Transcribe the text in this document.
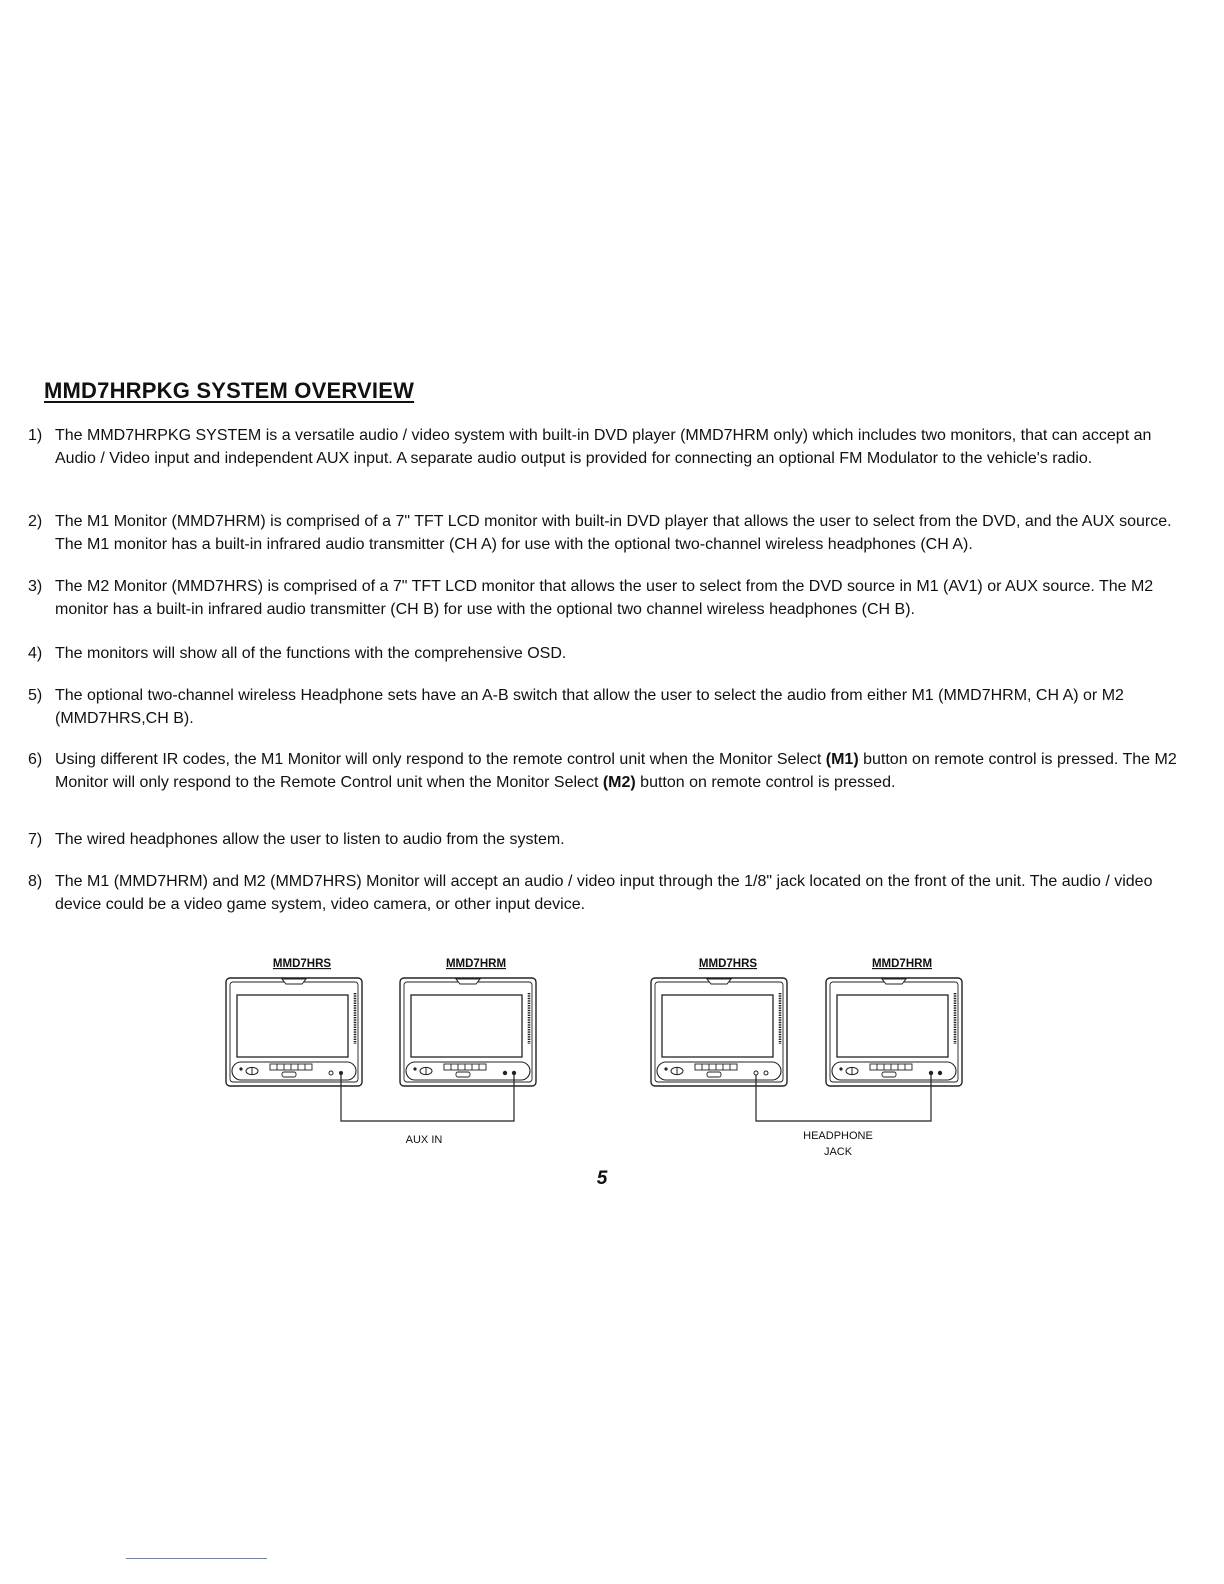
MMD7HRPKG SYSTEM OVERVIEW
1) The MMD7HRPKG SYSTEM is a versatile audio / video system with built-in DVD player (MMD7HRM only) which includes two monitors, that can accept an Audio / Video input and independent AUX input. A separate audio output is provided for connecting an optional FM Modulator to the vehicle's radio.
2) The M1 Monitor (MMD7HRM) is comprised of a 7" TFT LCD monitor with built-in DVD player that allows the user to select from the DVD, and the AUX source. The M1 monitor has a built-in infrared audio transmitter (CH A) for use with the optional two-channel wireless headphones (CH A).
3) The M2 Monitor (MMD7HRS) is comprised of a 7" TFT LCD monitor that allows the user to select from the DVD source in M1 (AV1) or AUX source. The M2 monitor has a built-in infrared audio transmitter (CH B) for use with the optional two channel wireless headphones (CH B).
4) The monitors will show all of the functions with the comprehensive OSD.
5) The optional two-channel wireless Headphone sets have an A-B switch that allow the user to select the audio from either M1 (MMD7HRM, CH A) or M2 (MMD7HRS,CH B).
6) Using different IR codes, the M1 Monitor will only respond to the remote control unit when the Monitor Select (M1) button on remote control is pressed. The M2 Monitor will only respond to the Remote Control unit when the Monitor Select (M2) button on remote control is pressed.
7) The wired headphones allow the user to listen to audio from the system.
8) The M1 (MMD7HRM) and M2 (MMD7HRS) Monitor will accept an audio / video input through the 1/8" jack located on the front of the unit. The audio / video device could be a video game system, video camera, or other input device.
MMD7HRS	MMD7HRM
AUX IN
MMD7HRS	MMD7HRM
HEADPHONE
JACK
5
